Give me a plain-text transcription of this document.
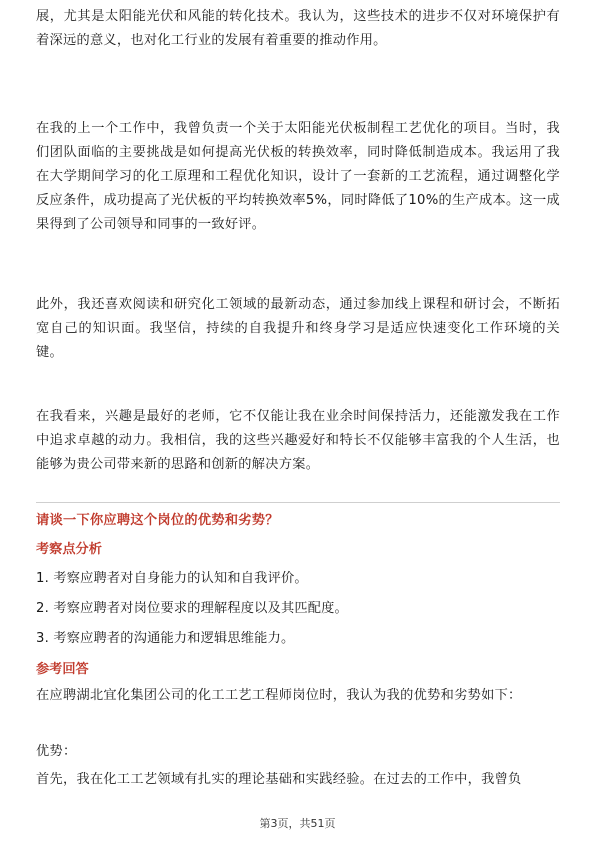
展，尤其是太阳能光伏和风能的转化技术。我认为，这些技术的进步不仅对环境保护有着深远的意义，也对化工行业的发展有着重要的推动作用。

在我的上一个工作中，我曾负责一个关于太阳能光伏板制程工艺优化的项目。当时，我们团队面临的主要挑战是如何提高光伏板的转换效率，同时降低制造成本。我运用了我在大学期间学习的化工原理和工程优化知识，设计了一套新的工艺流程，通过调整化学反应条件，成功提高了光伏板的平均转换效率5%，同时降低了10%的生产成本。这一成果得到了公司领导和同事的一致好评。

此外，我还喜欢阅读和研究化工领域的最新动态，通过参加线上课程和研讨会，不断拓宽自己的知识面。我坚信，持续的自我提升和终身学习是适应快速变化工作环境的关键。

在我看来，兴趣是最好的老师，它不仅能让我在业余时间保持活力，还能激发我在工作中追求卓越的动力。我相信，我的这些兴趣爱好和特长不仅能够丰富我的个人生活，也能够为贵公司带来新的思路和创新的解决方案。

请谈一下你应聘这个岗位的优势和劣势？
考察点分析
1. 考察应聘者对自身能力的认知和自我评价。
2. 考察应聘者对岗位要求的理解程度以及其匹配度。
3. 考察应聘者的沟通能力和逻辑思维能力。
参考回答

在应聘湖北宜化集团公司的化工工艺工程师岗位时，我认为我的优势和劣势如下：

优势：

首先，我在化工工艺领域有扎实的理论基础和实践经验。在过去的工作中，我曾负

第3页，共51页
